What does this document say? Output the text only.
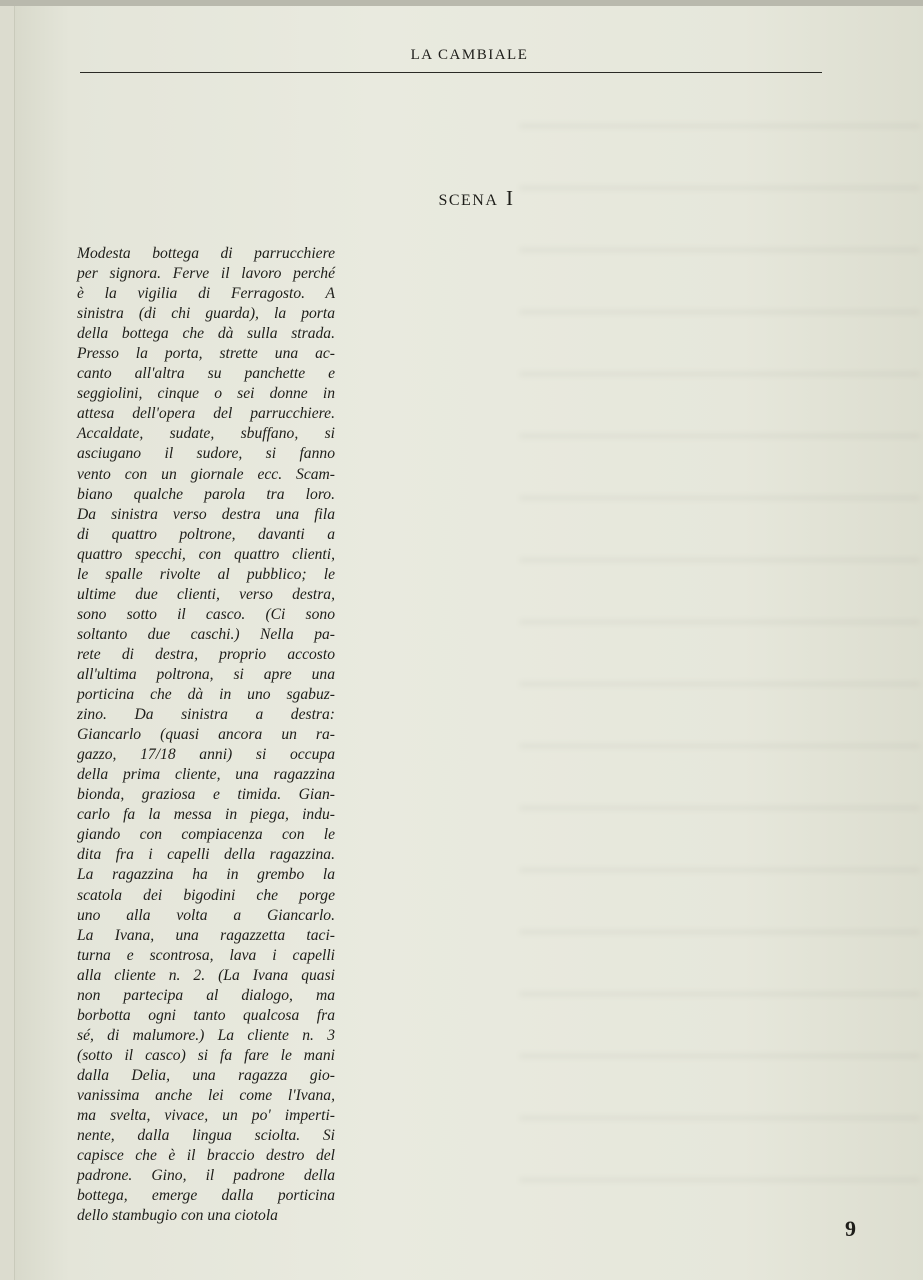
LA CAMBIALE
SCENA I
Modesta bottega di parrucchiere
per signora. Ferve il lavoro perché
è la vigilia di Ferragosto. A
sinistra (di chi guarda), la porta
della bottega che dà sulla strada.
Presso la porta, strette una ac-
canto all'altra su panchette e
seggiolini, cinque o sei donne in
attesa dell'opera del parrucchiere.
Accaldate, sudate, sbuffano, si
asciugano il sudore, si fanno
vento con un giornale ecc. Scam-
biano qualche parola tra loro.
Da sinistra verso destra una fila
di quattro poltrone, davanti a
quattro specchi, con quattro clienti,
le spalle rivolte al pubblico; le
ultime due clienti, verso destra,
sono sotto il casco. (Ci sono
soltanto due caschi.) Nella pa-
rete di destra, proprio accosto
all'ultima poltrona, si apre una
porticina che dà in uno sgabuz-
zino. Da sinistra a destra:
Giancarlo (quasi ancora un ra-
gazzo, 17/18 anni) si occupa
della prima cliente, una ragazzina
bionda, graziosa e timida. Gian-
carlo fa la messa in piega, indu-
giando con compiacenza con le
dita fra i capelli della ragazzina.
La ragazzina ha in grembo la
scatola dei bigodini che porge
uno alla volta a Giancarlo.
La Ivana, una ragazzetta taci-
turna e scontrosa, lava i capelli
alla cliente n. 2. (La Ivana quasi
non partecipa al dialogo, ma
borbotta ogni tanto qualcosa fra
sé, di malumore.) La cliente n. 3
(sotto il casco) si fa fare le mani
dalla Delia, una ragazza gio-
vanissima anche lei come l'Ivana,
ma svelta, vivace, un po' imperti-
nente, dalla lingua sciolta. Si
capisce che è il braccio destro del
padrone. Gino, il padrone della
bottega, emerge dalla porticina
dello stambugio con una ciotola
9
